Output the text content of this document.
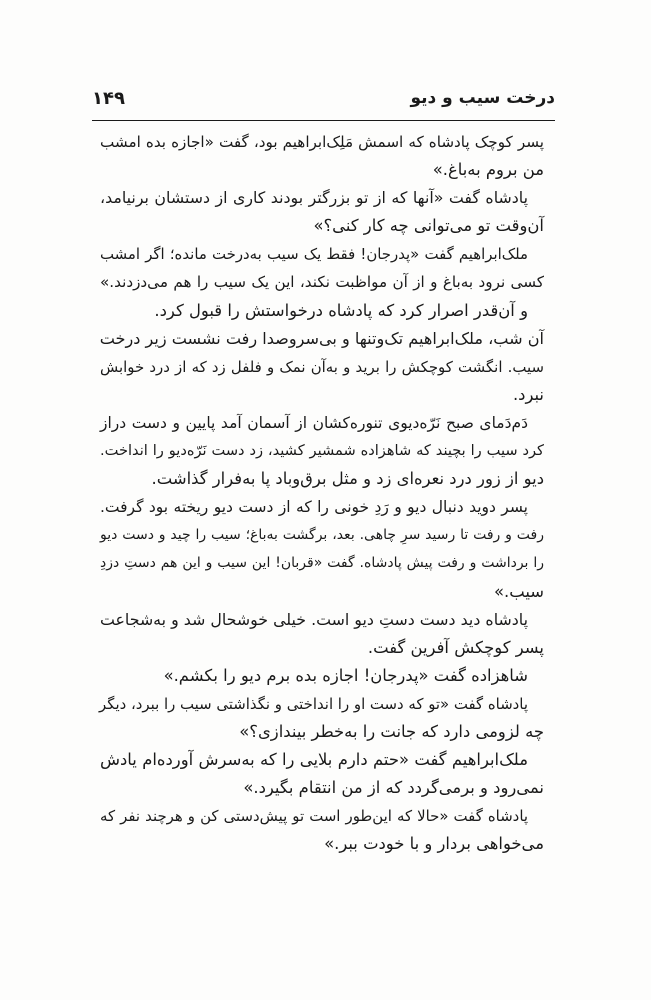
درخت سیب و دیو
۱۴۹
پسر کوچک پادشاه که اسمش مَلِک‌ابراهیم بود، گفت «اجازه بده امشب
من بروم به‌باغ.»
پادشاه گفت «آنها که از تو بزرگتر بودند کاری از دستشان برنیامد،
آن‌وقت تو می‌توانی چه کار کنی؟»
ملک‌ابراهیم گفت «پدرجان! فقط یک سیب به‌درخت مانده؛ اگر امشب
کسی نرود به‌باغ و از آن مواظبت نکند، این یک سیب را هم می‌دزدند.»
و آن‌قدر اصرار کرد که پادشاه درخواستش را قبول کرد.
آن شب، ملک‌ابراهیم تک‌وتنها و بی‌سروصدا رفت نشست زیر درخت
سیب. انگشت کوچکش را برید و به‌آن نمک و فلفل زد که از درد خوابش
نبرد.
دَم‌دَمای صبح نَرّه‌دیوی تنوره‌کشان از آسمان آمد پایین و دست دراز
کرد سیب را بچیند که شاهزاده شمشیر کشید، زد دست نَرّه‌دیو را انداخت.
دیو از زور درد نعره‌ای زد و مثل برق‌وباد پا به‌فرار گذاشت.
پسر دوید دنبال دیو و رَدِ خونی را که از دست دیو ریخته بود گرفت.
رفت و رفت تا رسید سرِ چاهی. بعد، برگشت به‌باغ؛ سیب را چید و دست دیو
را برداشت و رفت پیش پادشاه. گفت «قربان! این سیب و این هم دستِ دزدِ
سیب.»
پادشاه دید دست دستِ دیو است. خیلی خوشحال شد و به‌شجاعت
پسر کوچکش آفرین گفت.
شاهزاده گفت «پدرجان! اجازه بده برم دیو را بکشم.»
پادشاه گفت «تو که دست او را انداختی و نگذاشتی سیب را ببرد، دیگر
چه لزومی دارد که جانت را به‌خطر بیندازی؟»
ملک‌ابراهیم گفت «حتم دارم بلایی را که به‌سرش آورده‌ام یادش
نمی‌رود و برمی‌گردد که از من انتقام بگیرد.»
پادشاه گفت «حالا که این‌طور است تو پیش‌دستی کن و هرچند نفر که
می‌خواهی بردار و با خودت ببر.»
